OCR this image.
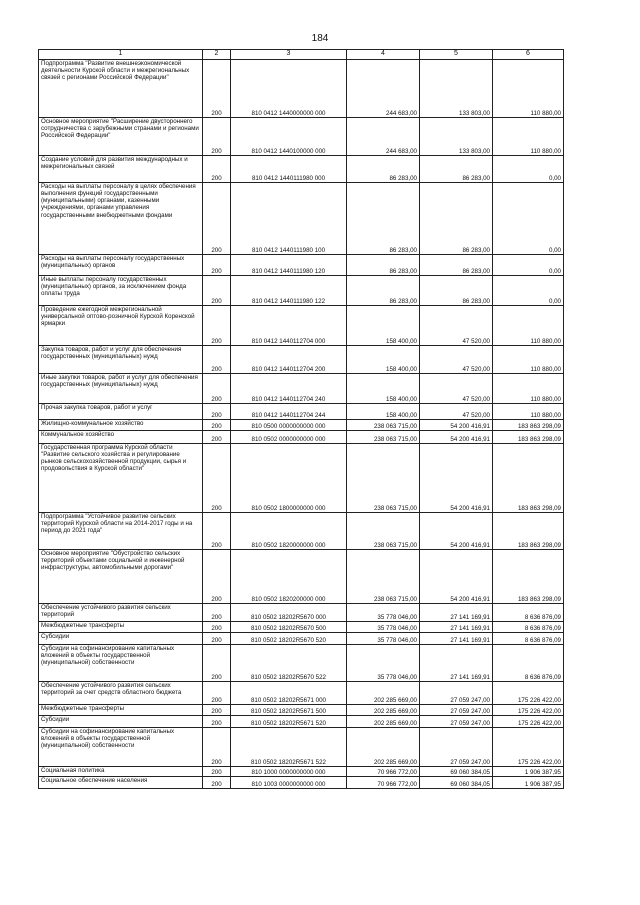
184
1	2	3	4	5	6
Подпрограмма "Развитие внешнеэкономической деятельности Курской области и межрегиональных связей с регионами Российской Федерации"	200	810 0412 1440000000 000	244 683,00	133 803,00	110 880,00
Основное мероприятие "Расширение двустороннего сотрудничества с зарубежными странами и регионами Российской Федерации"	200	810 0412 1440100000 000	244 683,00	133 803,00	110 880,00
Создание условий для развития международных и межрегиональных связей	200	810 0412 1440111980 000	86 283,00	86 283,00	0,00
Расходы на выплаты персоналу в целях обеспечения выполнения функций государственными (муниципальными) органами, казенными учреждениями, органами управления государственными внебюджетными фондами	200	810 0412 1440111980 100	86 283,00	86 283,00	0,00
Расходы на выплаты персоналу государственных (муниципальных) органов	200	810 0412 1440111980 120	86 283,00	86 283,00	0,00
Иные выплаты персоналу государственных (муниципальных) органов, за исключением фонда оплаты труда	200	810 0412 1440111980 122	86 283,00	86 283,00	0,00
Проведение ежегодной межрегиональной универсальной оптово-розничной Курской Коренской ярмарки	200	810 0412 1440112704 000	158 400,00	47 520,00	110 880,00
Закупка товаров, работ и услуг для обеспечения государственных (муниципальных) нужд	200	810 0412 1440112704 200	158 400,00	47 520,00	110 880,00
Иные закупки товаров, работ и услуг для обеспечения государственных (муниципальных) нужд	200	810 0412 1440112704 240	158 400,00	47 520,00	110 880,00
Прочая закупка товаров, работ и услуг	200	810 0412 1440112704 244	158 400,00	47 520,00	110 880,00
Жилищно-коммунальное хозяйство	200	810 0500 0000000000 000	238 063 715,00	54 200 416,91	183 863 298,09
Коммунальное хозяйство	200	810 0502 0000000000 000	238 063 715,00	54 200 416,91	183 863 298,09
Государственная программа Курской области "Развитие сельского хозяйства и регулирование рынков сельскохозяйственной продукции, сырья и продовольствия в Курской области"	200	810 0502 1800000000 000	238 063 715,00	54 200 416,91	183 863 298,09
Подпрограмма "Устойчивое развитие сельских территорий Курской области на 2014-2017 годы и на период до 2021 года"	200	810 0502 1820000000 000	238 063 715,00	54 200 416,91	183 863 298,09
Основное мероприятие "Обустройство сельских территорий объектами социальной и инженерной инфраструктуры, автомобильными дорогами"	200	810 0502 1820200000 000	238 063 715,00	54 200 416,91	183 863 298,09
Обеспечение устойчивого развития сельских территорий	200	810 0502 18202R5670 000	35 778 046,00	27 141 169,91	8 636 876,09
Межбюджетные трансферты	200	810 0502 18202R5670 500	35 778 046,00	27 141 169,91	8 636 876,09
Субсидии	200	810 0502 18202R5670 520	35 778 046,00	27 141 169,91	8 636 876,09
Субсидии на софинансирование капитальных вложений в объекты государственной (муниципальной) собственности	200	810 0502 18202R5670 522	35 778 046,00	27 141 169,91	8 636 876,09
Обеспечение устойчивого развития сельских территорий за счет средств областного бюджета	200	810 0502 18202R5671 000	202 285 669,00	27 059 247,00	175 226 422,00
Межбюджетные трансферты	200	810 0502 18202R5671 500	202 285 669,00	27 059 247,00	175 226 422,00
Субсидии	200	810 0502 18202R5671 520	202 285 669,00	27 059 247,00	175 226 422,00
Субсидии на софинансирование капитальных вложений в объекты государственной (муниципальной) собственности	200	810 0502 18202R5671 522	202 285 669,00	27 059 247,00	175 226 422,00
Социальная политика	200	810 1000 0000000000 000	70 966 772,00	69 060 384,05	1 906 387,95
Социальное обеспечение населения	200	810 1003 0000000000 000	70 966 772,00	69 060 384,05	1 906 387,95
